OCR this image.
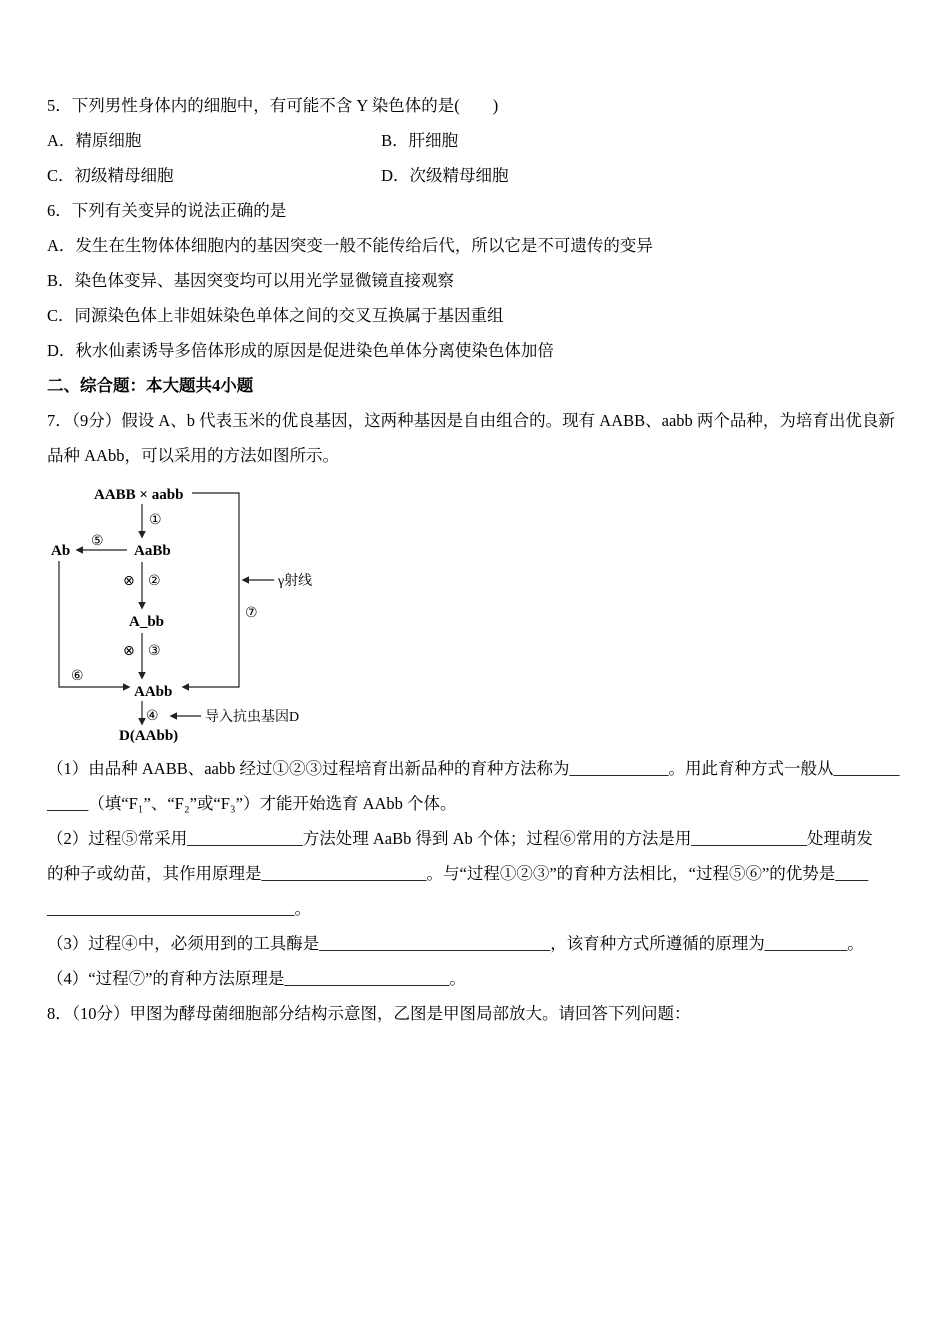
5．下列男性身体内的细胞中，有可能不含 Y 染色体的是(　　)

A．精原细胞	B．肝细胞
C．初级精母细胞	D．次级精母细胞

6．下列有关变异的说法正确的是

A．发生在生物体体细胞内的基因突变一般不能传给后代，所以它是不可遗传的变异

B．染色体变异、基因突变均可以用光学显微镜直接观察

C．同源染色体上非姐妹染色单体之间的交叉互换属于基因重组

D．秋水仙素诱导多倍体形成的原因是促进染色单体分离使染色体加倍

二、综合题：本大题共4小题

7．（9分）假设 A、b 代表玉米的优良基因，这两种基因是自由组合的。现有 AABB、aabb 两个品种，为培育出优良新

品种 AAbb，可以采用的方法如图所示。

AABB × aabb
①
AaBb
⑤
Ab
⊗ ②
A_bb
⊗ ③
AAbb
⑥
⑦
γ射线
④	导入抗虫基因D
D(AAbb)

（1）由品种 AABB、aabb 经过①②③过程培育出新品种的育种方法称为____________。用此育种方式一般从________

_____（填“F₁”、“F₂”或“F₃”）才能开始选育 AAbb 个体。

（2）过程⑤常采用______________方法处理 AaBb 得到 Ab 个体；过程⑥常用的方法是用______________处理萌发

的种子或幼苗，其作用原理是____________________。与“过程①②③”的育种方法相比，“过程⑤⑥”的优势是____

______________________________。

（3）过程④中，必须用到的工具酶是____________________________，该育种方式所遵循的原理为__________。

（4）“过程⑦”的育种方法原理是____________________。

8．（10分）甲图为酵母菌细胞部分结构示意图，乙图是甲图局部放大。请回答下列问题：
